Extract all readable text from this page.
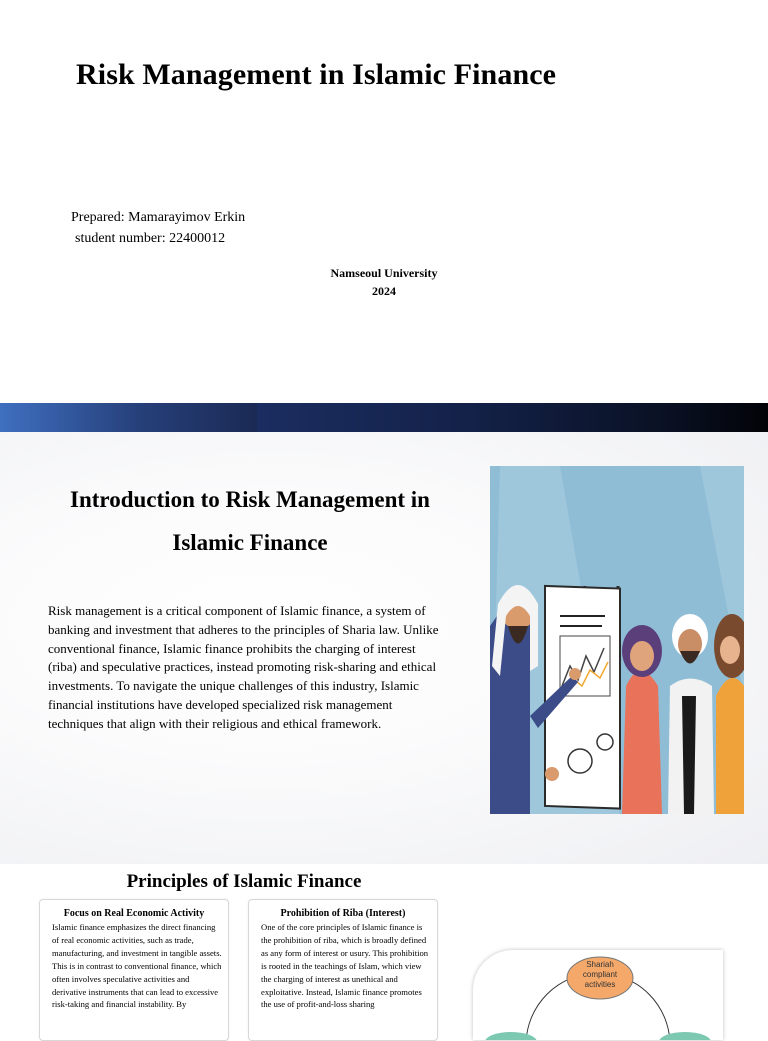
Risk Management in Islamic Finance
Prepared: Mamarayimov Erkin
student number: 22400012
Namseoul University
2024
Introduction to Risk Management in Islamic Finance
Risk management is a critical component of Islamic finance, a system of banking and investment that adheres to the principles of Sharia law. Unlike conventional finance, Islamic finance prohibits the charging of interest (riba) and speculative practices, instead promoting risk-sharing and ethical investments. To navigate the unique challenges of this industry, Islamic financial institutions have developed specialized risk management techniques that align with their religious and ethical framework.
Principles of Islamic Finance
Focus on Real Economic Activity
Islamic finance emphasizes the direct financing of real economic activities, such as trade, manufacturing, and investment in tangible assets. This is in contrast to conventional finance, which often involves speculative activities and derivative instruments that can lead to excessive risk-taking and financial instability. By
Prohibition of Riba (Interest)
One of the core principles of Islamic finance is the prohibition of riba, which is broadly defined as any form of interest or usury. This prohibition is rooted in the teachings of Islam, which view the charging of interest as unethical and exploitative. Instead, Islamic finance promotes the use of profit-and-loss sharing
Shariah compliant activities
